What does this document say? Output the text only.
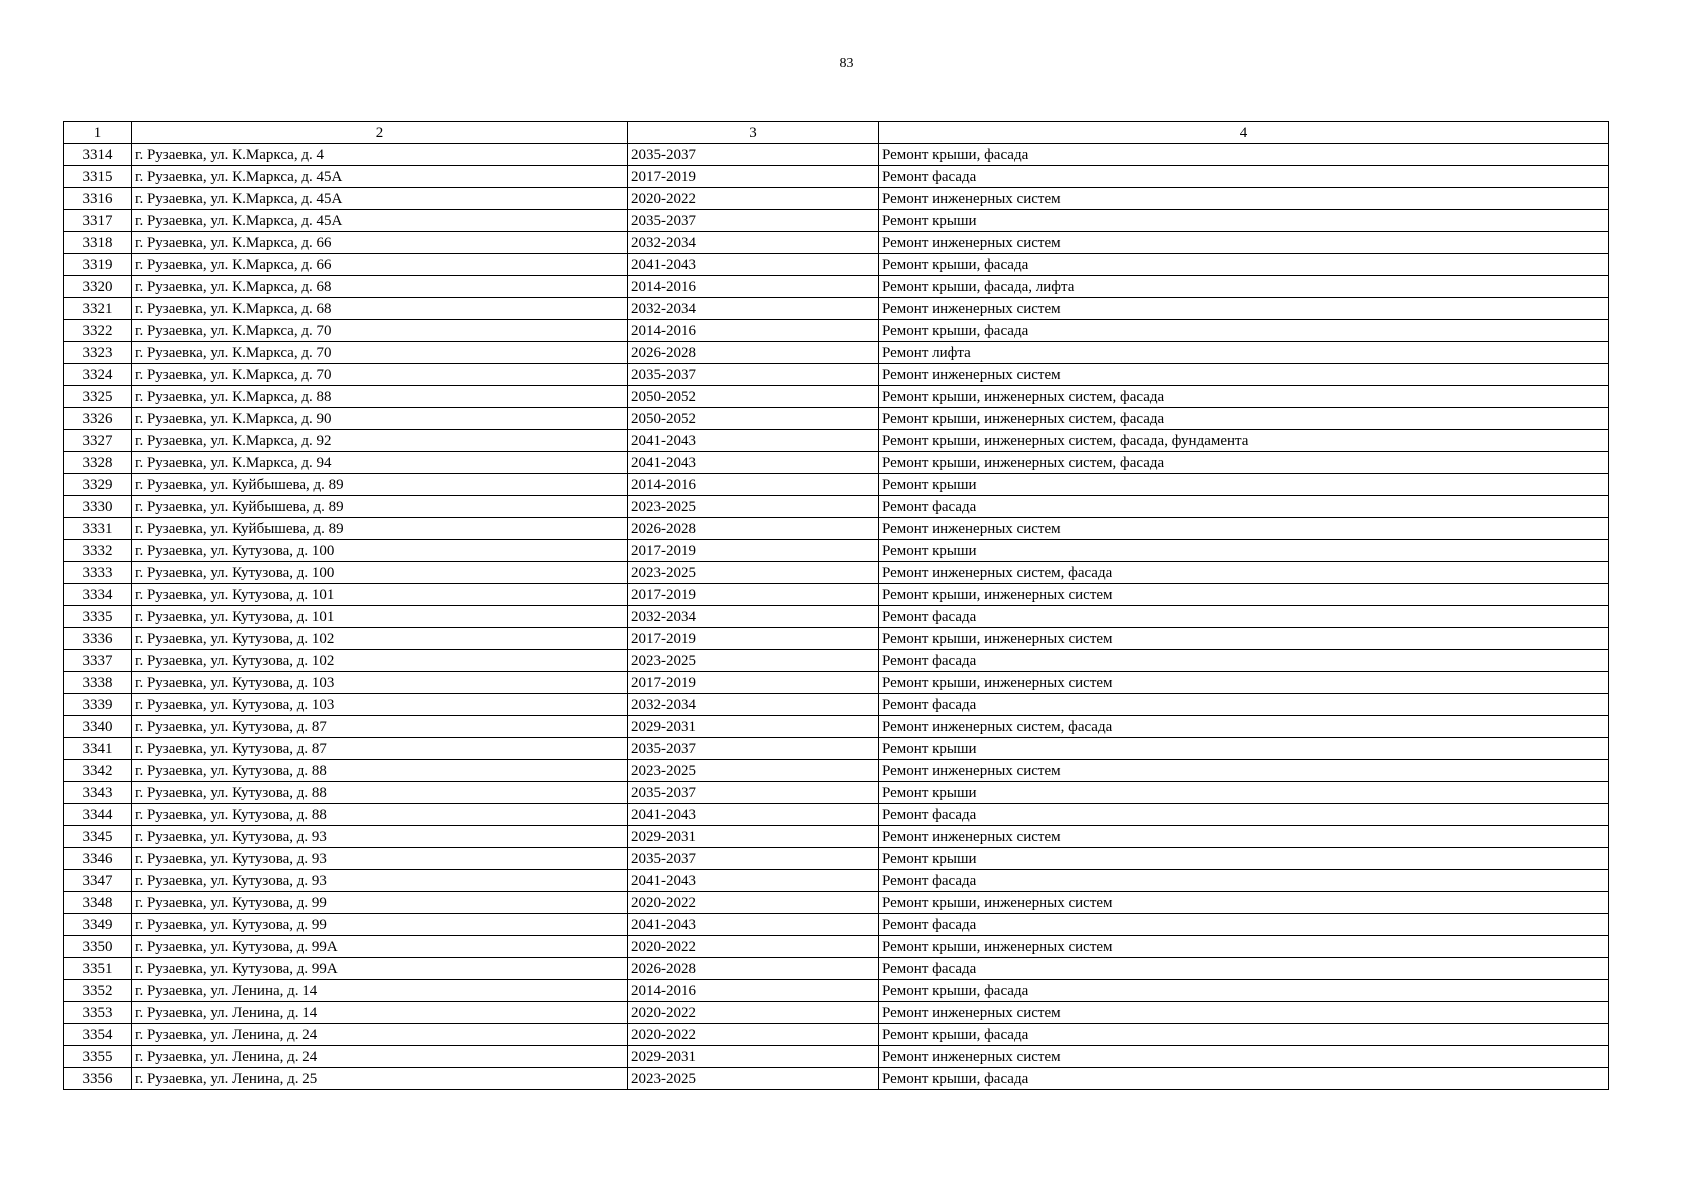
83
1	2	3	4
3314	г. Рузаевка, ул. К.Маркса, д. 4	2035-2037	Ремонт крыши, фасада
3315	г. Рузаевка, ул. К.Маркса, д. 45А	2017-2019	Ремонт фасада
3316	г. Рузаевка, ул. К.Маркса, д. 45А	2020-2022	Ремонт инженерных систем
3317	г. Рузаевка, ул. К.Маркса, д. 45А	2035-2037	Ремонт крыши
3318	г. Рузаевка, ул. К.Маркса, д. 66	2032-2034	Ремонт инженерных систем
3319	г. Рузаевка, ул. К.Маркса, д. 66	2041-2043	Ремонт крыши, фасада
3320	г. Рузаевка, ул. К.Маркса, д. 68	2014-2016	Ремонт крыши, фасада, лифта
3321	г. Рузаевка, ул. К.Маркса, д. 68	2032-2034	Ремонт инженерных систем
3322	г. Рузаевка, ул. К.Маркса, д. 70	2014-2016	Ремонт крыши, фасада
3323	г. Рузаевка, ул. К.Маркса, д. 70	2026-2028	Ремонт лифта
3324	г. Рузаевка, ул. К.Маркса, д. 70	2035-2037	Ремонт инженерных систем
3325	г. Рузаевка, ул. К.Маркса, д. 88	2050-2052	Ремонт крыши, инженерных систем, фасада
3326	г. Рузаевка, ул. К.Маркса, д. 90	2050-2052	Ремонт крыши, инженерных систем, фасада
3327	г. Рузаевка, ул. К.Маркса, д. 92	2041-2043	Ремонт крыши, инженерных систем, фасада, фундамента
3328	г. Рузаевка, ул. К.Маркса, д. 94	2041-2043	Ремонт крыши, инженерных систем, фасада
3329	г. Рузаевка, ул. Куйбышева, д. 89	2014-2016	Ремонт крыши
3330	г. Рузаевка, ул. Куйбышева, д. 89	2023-2025	Ремонт фасада
3331	г. Рузаевка, ул. Куйбышева, д. 89	2026-2028	Ремонт инженерных систем
3332	г. Рузаевка, ул. Кутузова, д. 100	2017-2019	Ремонт крыши
3333	г. Рузаевка, ул. Кутузова, д. 100	2023-2025	Ремонт инженерных систем, фасада
3334	г. Рузаевка, ул. Кутузова, д. 101	2017-2019	Ремонт крыши, инженерных систем
3335	г. Рузаевка, ул. Кутузова, д. 101	2032-2034	Ремонт фасада
3336	г. Рузаевка, ул. Кутузова, д. 102	2017-2019	Ремонт крыши, инженерных систем
3337	г. Рузаевка, ул. Кутузова, д. 102	2023-2025	Ремонт фасада
3338	г. Рузаевка, ул. Кутузова, д. 103	2017-2019	Ремонт крыши, инженерных систем
3339	г. Рузаевка, ул. Кутузова, д. 103	2032-2034	Ремонт фасада
3340	г. Рузаевка, ул. Кутузова, д. 87	2029-2031	Ремонт инженерных систем, фасада
3341	г. Рузаевка, ул. Кутузова, д. 87	2035-2037	Ремонт крыши
3342	г. Рузаевка, ул. Кутузова, д. 88	2023-2025	Ремонт инженерных систем
3343	г. Рузаевка, ул. Кутузова, д. 88	2035-2037	Ремонт крыши
3344	г. Рузаевка, ул. Кутузова, д. 88	2041-2043	Ремонт фасада
3345	г. Рузаевка, ул. Кутузова, д. 93	2029-2031	Ремонт инженерных систем
3346	г. Рузаевка, ул. Кутузова, д. 93	2035-2037	Ремонт крыши
3347	г. Рузаевка, ул. Кутузова, д. 93	2041-2043	Ремонт фасада
3348	г. Рузаевка, ул. Кутузова, д. 99	2020-2022	Ремонт крыши, инженерных систем
3349	г. Рузаевка, ул. Кутузова, д. 99	2041-2043	Ремонт фасада
3350	г. Рузаевка, ул. Кутузова, д. 99А	2020-2022	Ремонт крыши, инженерных систем
3351	г. Рузаевка, ул. Кутузова, д. 99А	2026-2028	Ремонт фасада
3352	г. Рузаевка, ул. Ленина, д. 14	2014-2016	Ремонт крыши, фасада
3353	г. Рузаевка, ул. Ленина, д. 14	2020-2022	Ремонт инженерных систем
3354	г. Рузаевка, ул. Ленина, д. 24	2020-2022	Ремонт крыши, фасада
3355	г. Рузаевка, ул. Ленина, д. 24	2029-2031	Ремонт инженерных систем
3356	г. Рузаевка, ул. Ленина, д. 25	2023-2025	Ремонт крыши, фасада
